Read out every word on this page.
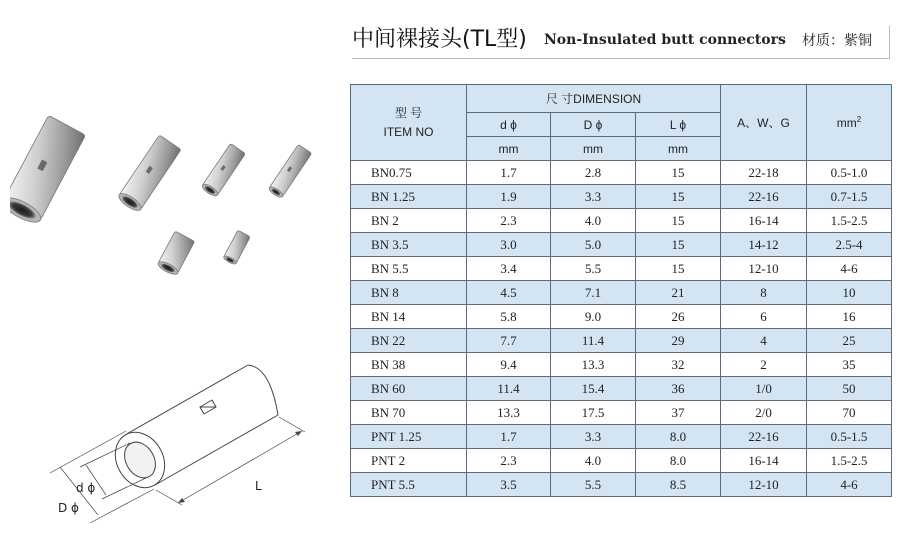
中间裸接头(TL型) Non-Insulated butt connectors 材质：紫铜
d ϕ
D ϕ
L
型 号
ITEM NO	尺 寸DIMENSION			A、W、G	$mm^2$
	d ϕ	D ϕ	L ϕ		
	mm	mm	mm		
BN0.75	1.7	2.8	15	22-18	0.5-1.0
BN 1.25	1.9	3.3	15	22-16	0.7-1.5
BN 2	2.3	4.0	15	16-14	1.5-2.5
BN 3.5	3.0	5.0	15	14-12	2.5-4
BN 5.5	3.4	5.5	15	12-10	4-6
BN 8	4.5	7.1	21	8	10
BN 14	5.8	9.0	26	6	16
BN 22	7.7	11.4	29	4	25
BN 38	9.4	13.3	32	2	35
BN 60	11.4	15.4	36	1/0	50
BN 70	13.3	17.5	37	2/0	70
PNT 1.25	1.7	3.3	8.0	22-16	0.5-1.5
PNT 2	2.3	4.0	8.0	16-14	1.5-2.5
PNT 5.5	3.5	5.5	8.5	12-10	4-6
